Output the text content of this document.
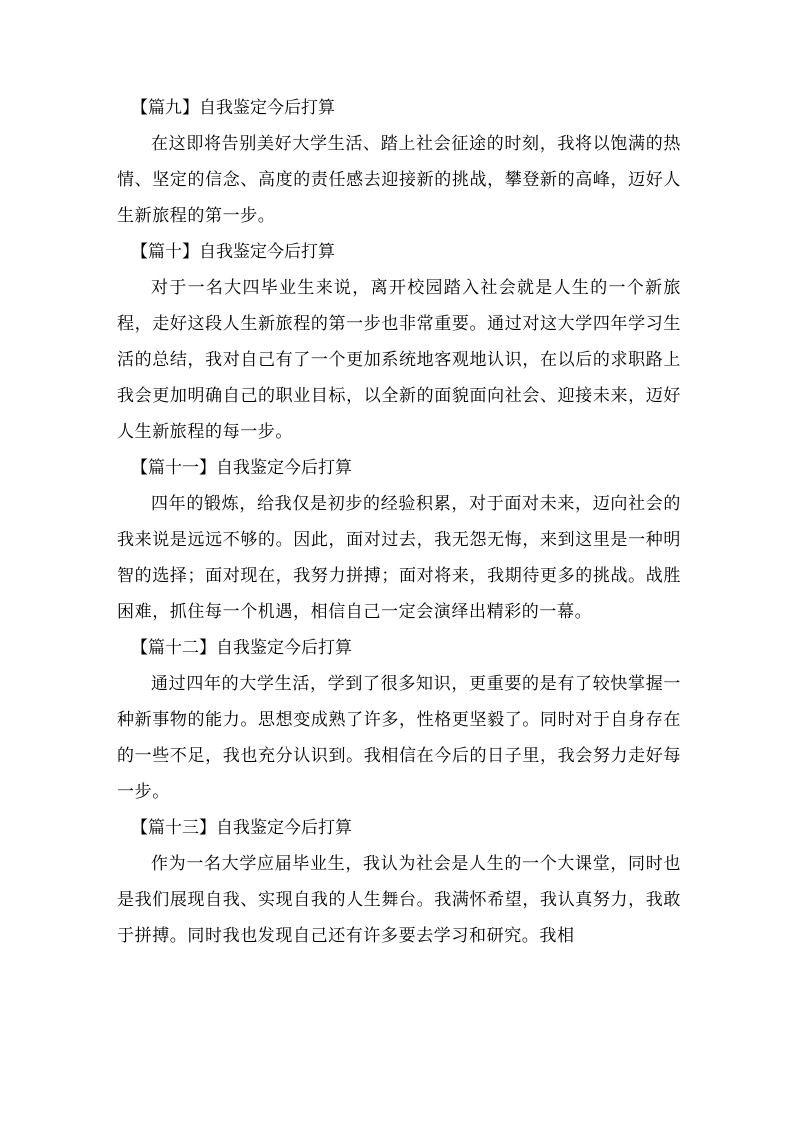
【篇九】自我鉴定今后打算

在这即将告别美好大学生活、踏上社会征途的时刻，我将以饱满的热情、坚定的信念、高度的责任感去迎接新的挑战，攀登新的高峰，迈好人生新旅程的第一步。

【篇十】自我鉴定今后打算

对于一名大四毕业生来说，离开校园踏入社会就是人生的一个新旅程，走好这段人生新旅程的第一步也非常重要。通过对这大学四年学习生活的总结，我对自己有了一个更加系统地客观地认识，在以后的求职路上我会更加明确自己的职业目标，以全新的面貌面向社会、迎接未来，迈好人生新旅程的每一步。

【篇十一】自我鉴定今后打算

四年的锻炼，给我仅是初步的经验积累，对于面对未来，迈向社会的我来说是远远不够的。因此，面对过去，我无怨无悔，来到这里是一种明智的选择；面对现在，我努力拼搏；面对将来，我期待更多的挑战。战胜困难，抓住每一个机遇，相信自己一定会演绎出精彩的一幕。

【篇十二】自我鉴定今后打算

通过四年的大学生活，学到了很多知识，更重要的是有了较快掌握一种新事物的能力。思想变成熟了许多，性格更坚毅了。同时对于自身存在的一些不足，我也充分认识到。我相信在今后的日子里，我会努力走好每一步。

【篇十三】自我鉴定今后打算

作为一名大学应届毕业生，我认为社会是人生的一个大课堂，同时也是我们展现自我、实现自我的人生舞台。我满怀希望，我认真努力，我敢于拼搏。同时我也发现自己还有许多要去学习和研究。我相
